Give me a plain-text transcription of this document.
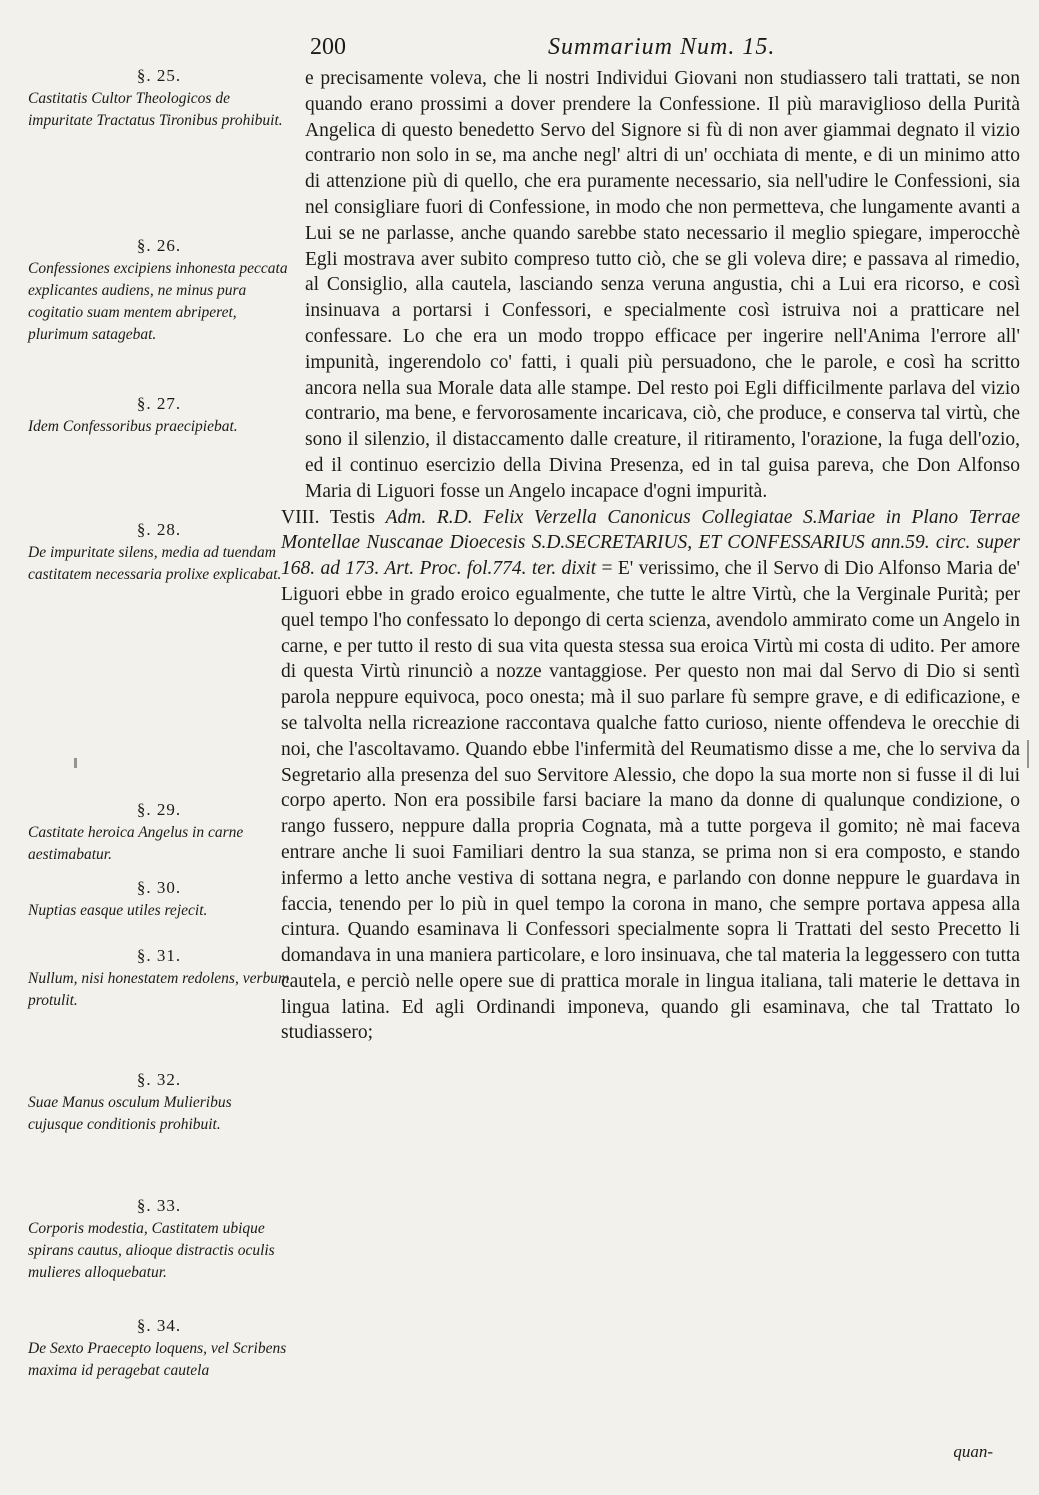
200	Summarium Num. 15.
§. 25.
Castitatis Cultor Theologicos de impuritate Tractatus Tironibus prohibuit.
§. 26.
Confessiones excipiens inhonesta peccata explicantes audiens, ne minus pura cogitatio suam mentem abriperet, plurimum satagebat.
§. 27.
Idem Confessoribus praecipiebat.
§. 28.
De impuritate silens, media ad tuendam castitatem necessaria prolixe explicabat.
§. 29.
Castitate heroica Angelus in carne aestimabatur.
§. 30.
Nuptias easque utiles rejecit.
§. 31.
Nullum, nisi honestatem redolens, verbum protulit.
§. 32.
Suae Manus osculum Mulieribus cujusque conditionis prohibuit.
§. 33.
Corporis modestia, Castitatem ubique spirans cautus, alioque distractis oculis mulieres alloquebatur.
§. 34.
De Sexto Praecepto loquens, vel Scribens maxima id peragebat cautela

e precisamente voleva, che li nostri Individui Giovani non studiassero tali trattati, se non quando erano prossimi a dover prendere la Confessione. Il più maraviglioso della Purità Angelica di questo benedetto Servo del Signore si fù di non aver giammai degnato il vizio contrario non solo in se, ma anche negl' altri di un' occhiata di mente, e di un minimo atto di attenzione più di quello, che era puramente necessario, sia nell'udire le Confessioni, sia nel consigliare fuori di Confessione, in modo che non permetteva, che lungamente avanti a Lui se ne parlasse, anche quando sarebbe stato necessario il meglio spiegare, imperocchè Egli mostrava aver subito compreso tutto ciò, che se gli voleva dire; e passava al rimedio, al Consiglio, alla cautela, lasciando senza veruna angustia, chi a Lui era ricorso, e così insinuava a portarsi i Confessori, e specialmente così istruiva noi a pratticare nel confessare. Lo che era un modo troppo efficace per ingerire nell'Anima l'errore all' impunità, ingerendolo co' fatti, i quali più persuadono, che le parole, e così ha scritto ancora nella sua Morale data alle stampe. Del resto poi Egli difficilmente parlava del vizio contrario, ma bene, e fervorosamente incaricava, ciò, che produce, e conserva tal virtù, che sono il silenzio, il distaccamento dalle creature, il ritiramento, l'orazione, la fuga dell'ozio, ed il continuo esercizio della Divina Presenza, ed in tal guisa pareva, che Don Alfonso Maria di Liguori fosse un Angelo incapace d'ogni impurità.

VIII. Testis Adm. R.D. Felix Verzella Canonicus Collegiatae S.Mariae in Plano Terrae Montellae Nuscanae Dioecesis S.D.SECRETARIUS, ET CONFESSARIUS ann.59. circ. super 168. ad 173. Art. Proc. fol.774. ter. dixit = E' verissimo, che il Servo di Dio Alfonso Maria de' Liguori ebbe in grado eroico egualmente, che tutte le altre Virtù, che la Verginale Purità; per quel tempo l'ho confessato lo depongo di certa scienza, avendolo ammirato come un Angelo in carne, e per tutto il resto di sua vita questa stessa sua eroica Virtù mi costa di udito. Per amore di questa Virtù rinunciò a nozze vantaggiose. Per questo non mai dal Servo di Dio si sentì parola neppure equivoca, poco onesta; mà il suo parlare fù sempre grave, e di edificazione, e se talvolta nella ricreazione raccontava qualche fatto curioso, niente offendeva le orecchie di noi, che l'ascoltavamo. Quando ebbe l'infermità del Reumatismo disse a me, che lo serviva da Segretario alla presenza del suo Servitore Alessio, che dopo la sua morte non si fusse il di lui corpo aperto. Non era possibile farsi baciare la mano da donne di qualunque condizione, o rango fussero, neppure dalla propria Cognata, mà a tutte porgeva il gomito; nè mai faceva entrare anche li suoi Familiari dentro la sua stanza, se prima non si era composto, e stando infermo a letto anche vestiva di sottana negra, e parlando con donne neppure le guardava in faccia, tenendo per lo più in quel tempo la corona in mano, che sempre portava appesa alla cintura. Quando esaminava li Confessori specialmente sopra li Trattati del sesto Precetto li domandava in una maniera particolare, e loro insinuava, che tal materia la leggessero con tutta cautela, e perciò nelle opere sue di prattica morale in lingua italiana, tali materie le dettava in lingua latina. Ed agli Ordinandi imponeva, quando gli esaminava, che tal Trattato lo studiassero;

quan-
